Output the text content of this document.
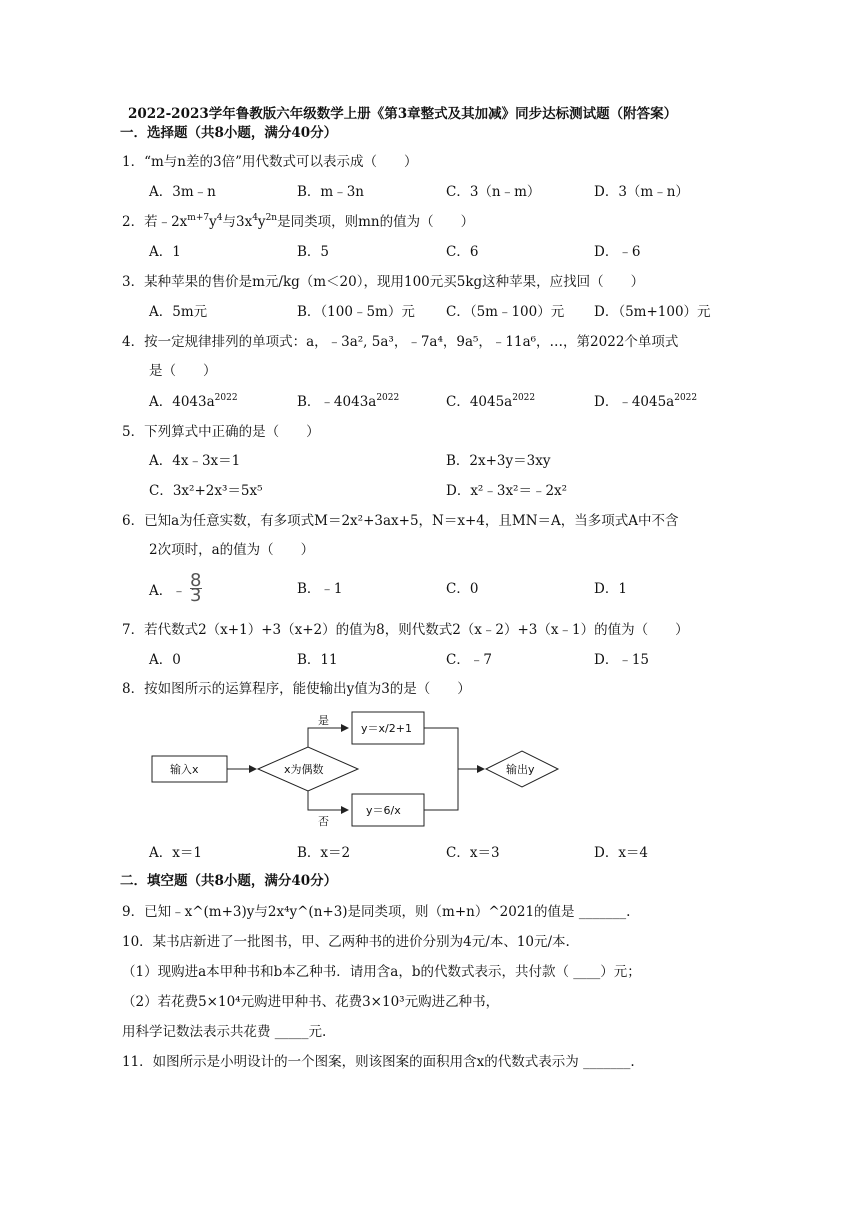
2022-2023学年鲁教版六年级数学上册《第3章整式及其加减》同步达标测试题（附答案）
一．选择题（共8小题，满分40分）
1．“m与n差的3倍”用代数式可以表示成（　　）
A．3m﹣n	B．m﹣3n	C．3（n﹣m）	D．3（m﹣n）
2．若$﹣2x^{m+7}y^4$与$3x^4y^{2n}$是同类项，则mn的值为（　　）
A．1	B．5	C．6	D．﹣6
3．某种苹果的售价是m元/kg（m＜20），现用100元买5kg这种苹果，应找回（　　）
A．5m元	B．（100﹣5m）元 C．（5m﹣100）元 D．（5m+100）元
4．按一定规律排列的单项式：a，﹣3a², 5a³，﹣7a⁴，9a⁵，﹣11a⁶，…，第2022个单项式
是（　　）
A．$4043a^{2022}$	B．$﹣4043a^{2022}$	C．$4045a^{2022}$	D．$﹣4045a^{2022}$
5．下列算式中正确的是（　　）
A．4x﹣3x＝1	B．2x+3y＝3xy
C．3x²+2x³＝5x⁵	D．x²﹣3x²＝﹣2x²
6．已知a为任意实数，有多项式M＝2x²+3ax+5，N＝x+4，且MN＝A，当多项式A中不含
2次项时，a的值为（　　）
A．﹣ $\frac{8}{3}$	B．﹣1	C．0	D．1
7．若代数式2（x+1）+3（x+2）的值为8，则代数式2（x﹣2）+3（x﹣1）的值为（　　）
A．0	B．11	C．﹣7	D．﹣15
8．按如图所示的运算程序，能使输出y值为3的是（　　）
输入x	x为偶数
是
y＝x/2+1
否
y＝6/x
输出y
A．x＝1	B．x＝2	C．x＝3	D．x＝4
二．填空题（共8小题，满分40分）
9．已知﹣x^(m+3)y与2x⁴y^(n+3)是同类项，则（m+n）^2021的值是 _______.
10．某书店新进了一批图书，甲、乙两种书的进价分别为4元/本、10元/本.
（1）现购进a本甲种书和b本乙种书．请用含a，b的代数式表示，共付款（ ____）元；
（2）若花费5×10⁴元购进甲种书、花费3×10³元购进乙种书，
用科学记数法表示共花费 _____元.
11．如图所示是小明设计的一个图案，则该图案的面积用含x的代数式表示为 _______.
